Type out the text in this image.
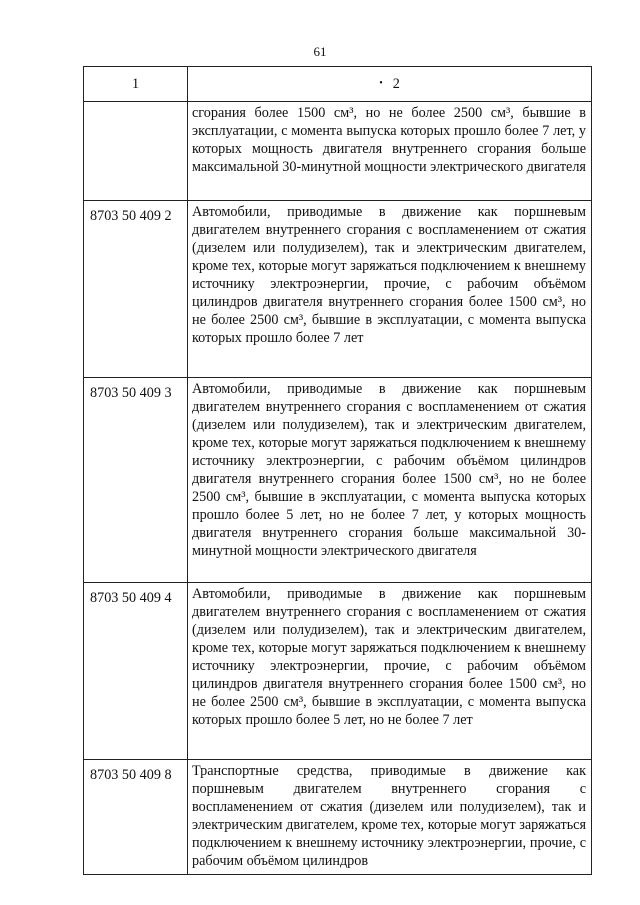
61
1	• 2

	сгорания более 1500 см³, но не более 2500 см³, бывшие в эксплуатации, с момента выпуска которых прошло более 7 лет, у которых мощность двигателя внутреннего сгорания больше максимальной 30-минутной мощности электрического двигателя

8703 50 409 2	Автомобили, приводимые в движение как поршневым двигателем внутреннего сгорания с воспламенением от сжатия (дизелем или полудизелем), так и электрическим двигателем, кроме тех, которые могут заряжаться подключением к внешнему источнику электроэнергии, прочие, с рабочим объёмом цилиндров двигателя внутреннего сгорания более 1500 см³, но не более 2500 см³, бывшие в эксплуатации, с момента выпуска которых прошло более 7 лет

8703 50 409 3	Автомобили, приводимые в движение как поршневым двигателем внутреннего сгорания с воспламенением от сжатия (дизелем или полудизелем), так и электрическим двигателем, кроме тех, которые могут заряжаться подключением к внешнему источнику электроэнергии, с рабочим объёмом цилиндров двигателя внутреннего сгорания более 1500 см³, но не более 2500 см³, бывшие в эксплуатации, с момента выпуска которых прошло более 5 лет, но не более 7 лет, у которых мощность двигателя внутреннего сгорания больше максимальной 30-минутной мощности электрического двигателя

8703 50 409 4	Автомобили, приводимые в движение как поршневым двигателем внутреннего сгорания с воспламенением от сжатия (дизелем или полудизелем), так и электрическим двигателем, кроме тех, которые могут заряжаться подключением к внешнему источнику электроэнергии, прочие, с рабочим объёмом цилиндров двигателя внутреннего сгорания более 1500 см³, но не более 2500 см³, бывшие в эксплуатации, с момента выпуска которых прошло более 5 лет, но не более 7 лет

8703 50 409 8	Транспортные средства, приводимые в движение как поршневым двигателем внутреннего сгорания с воспламенением от сжатия (дизелем или полудизелем), так и электрическим двигателем, кроме тех, которые могут заряжаться подключением к внешнему источнику электроэнергии, прочие, с рабочим объёмом цилиндров
